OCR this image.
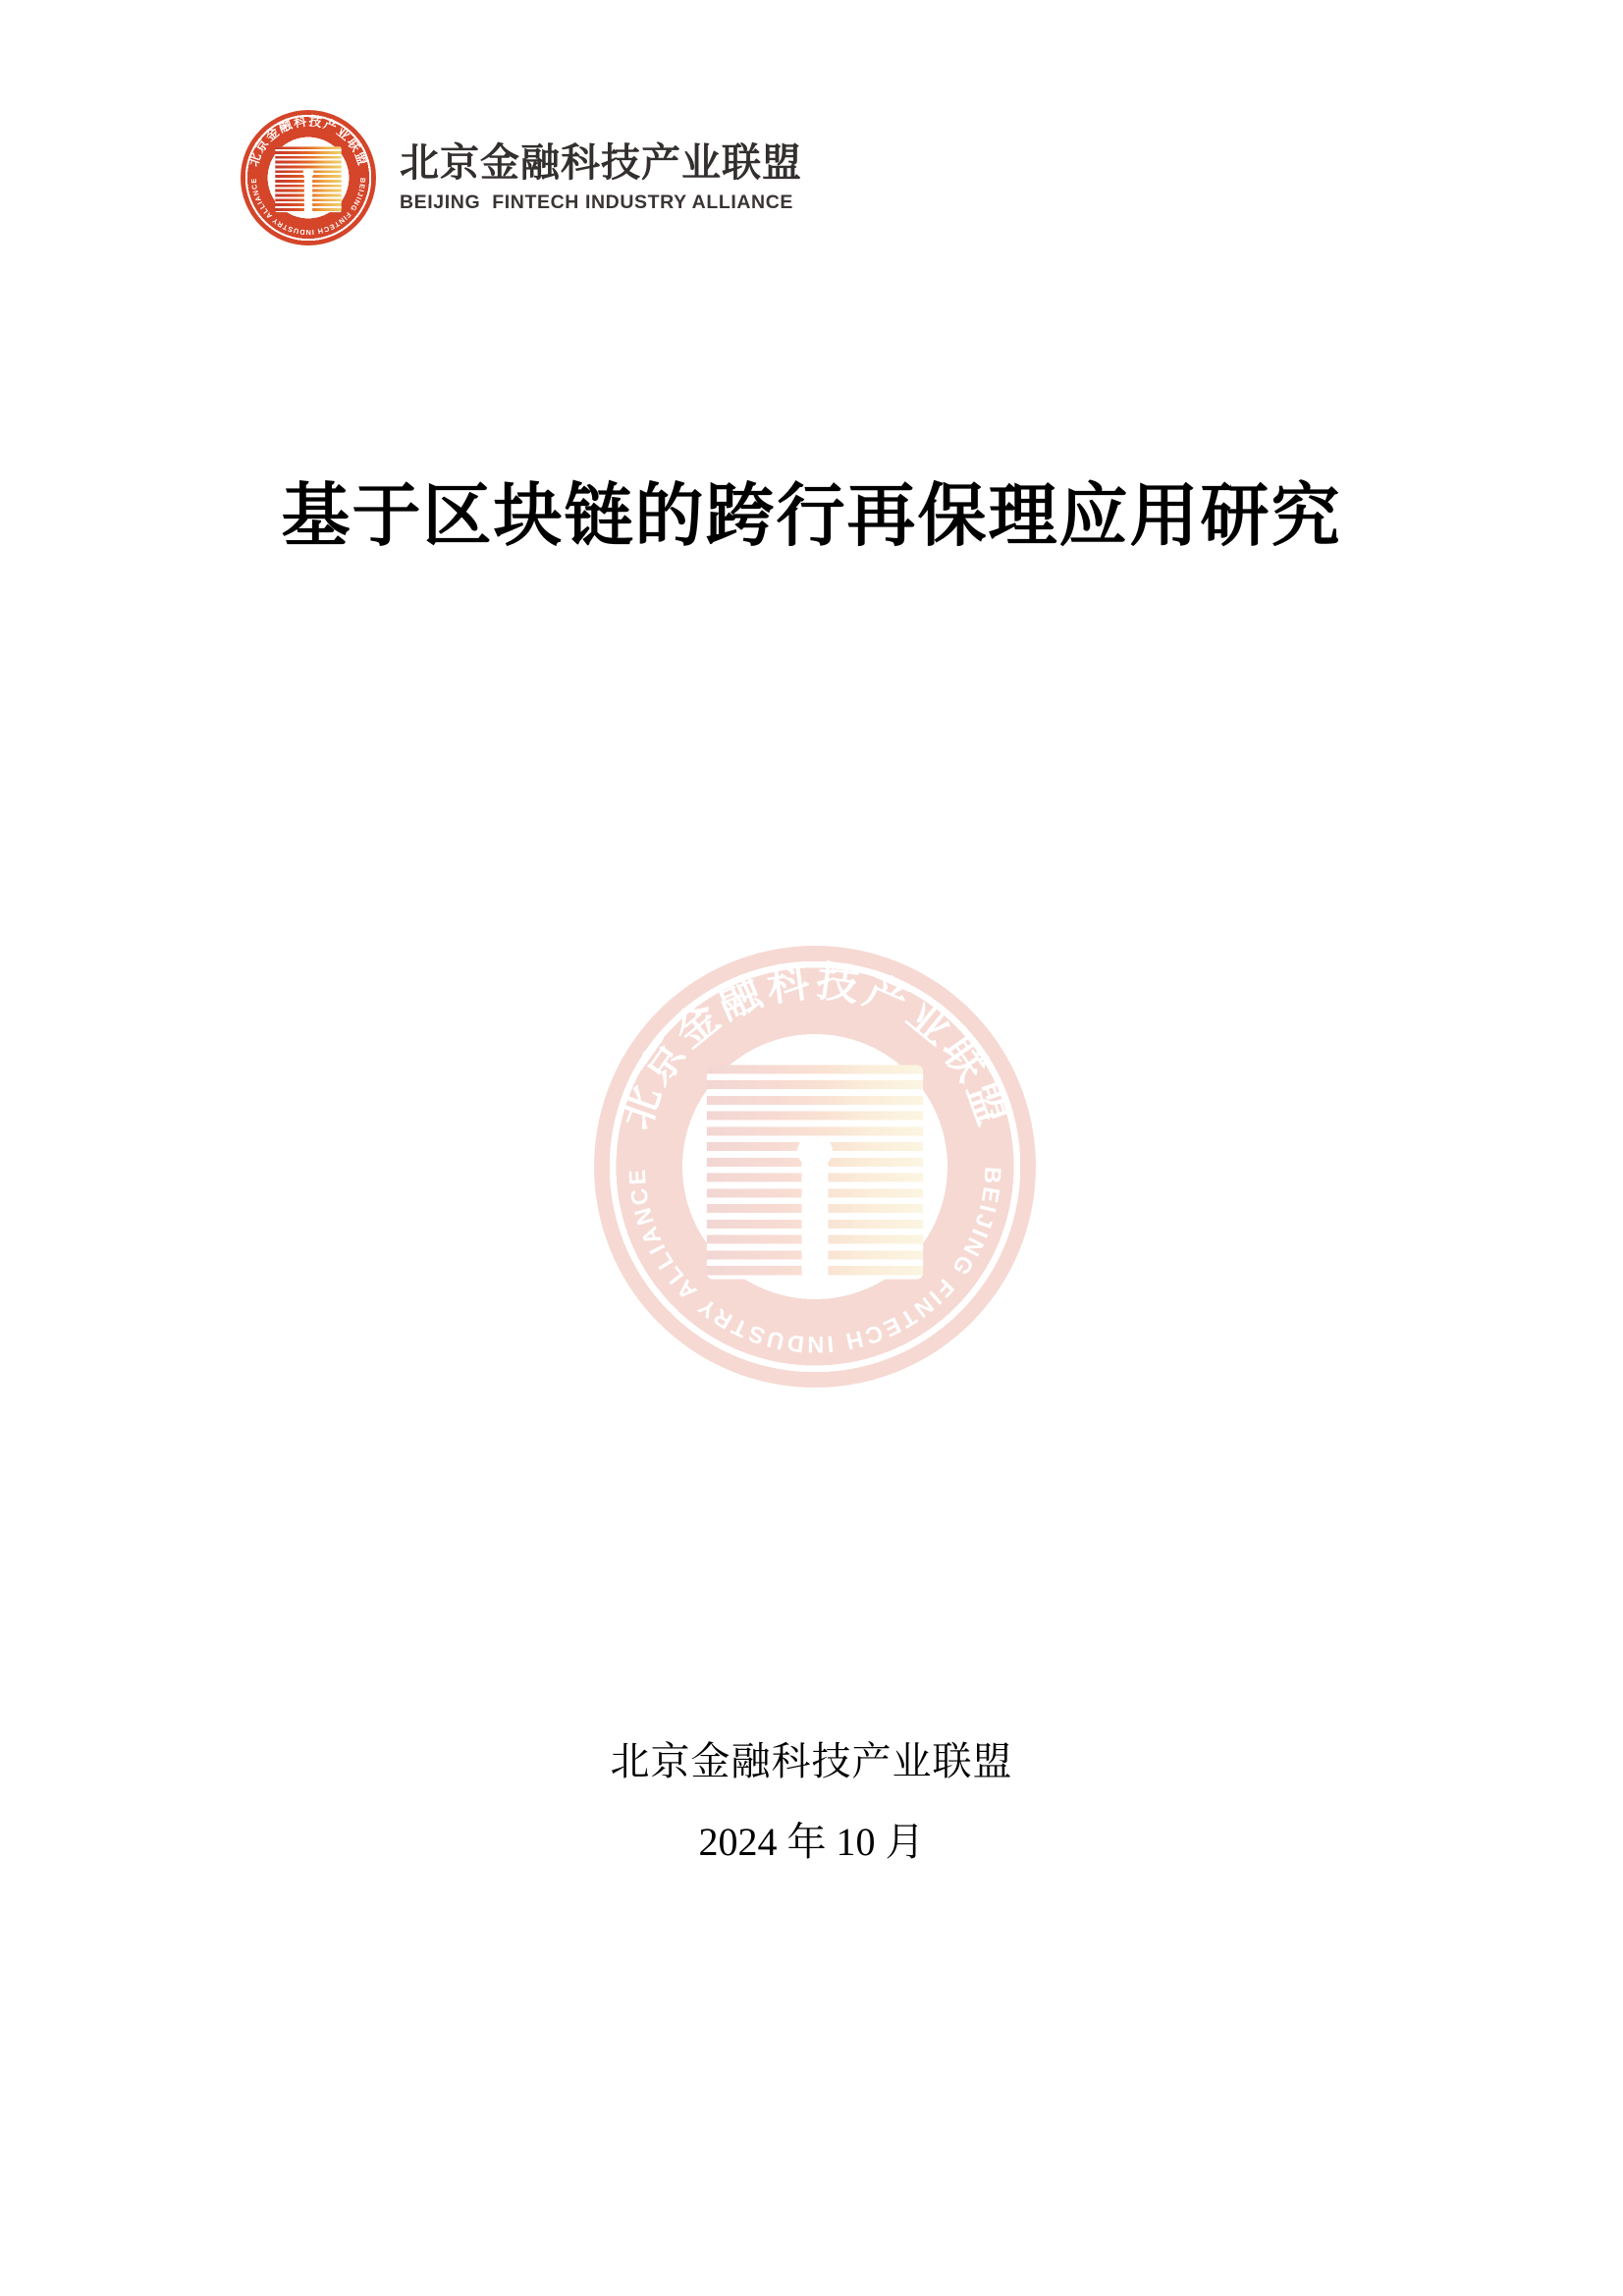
北京金融科技产业联盟
BEIJING FINTECH INDUSTRY ALLIANCE	北京金融科技产业联盟
BEIJING  FINTECH INDUSTRY ALLIANCE
基于区块链的跨行再保理应用研究
北京金融科技产业联盟
BEIJING FINTECH INDUSTRY ALLIANCE
北京金融科技产业联盟
2024 年 10 月
